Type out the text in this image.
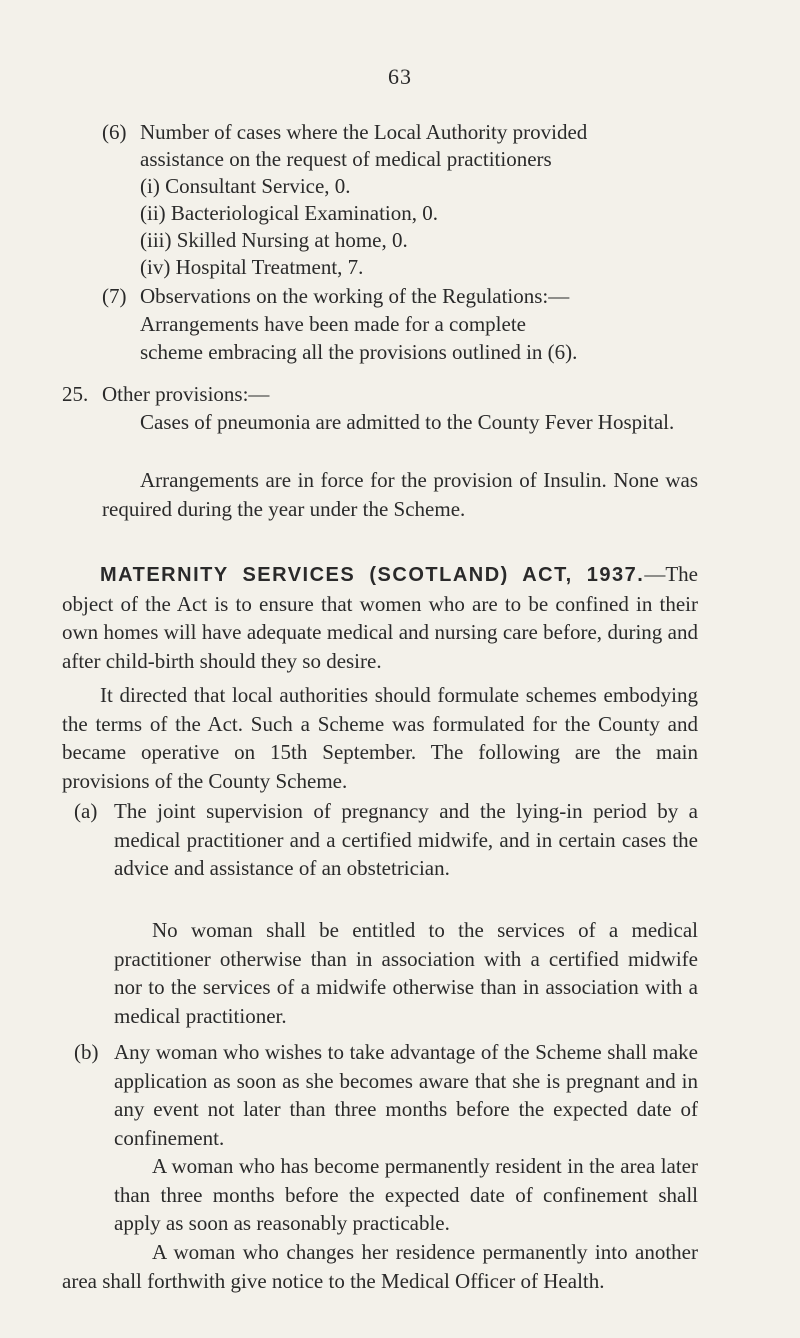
63
(6) Number of cases where the Local Authority provided
assistance on the request of medical practitioners
(i) Consultant Service, 0.
(ii) Bacteriological Examination, 0.
(iii) Skilled Nursing at home, 0.
(iv) Hospital Treatment, 7.
(7) Observations on the working of the Regulations:—
Arrangements have been made for a complete
scheme embracing all the provisions outlined in (6).
25. Other provisions:—
Cases of pneumonia are admitted to the County Fever Hospital.
Arrangements are in force for the provision of Insulin. None was required during the year under the Scheme.
MATERNITY SERVICES (SCOTLAND) ACT, 1937.—The object of the Act is to ensure that women who are to be confined in their own homes will have adequate medical and nursing care before, during and after child-birth should they so desire.
It directed that local authorities should formulate schemes embodying the terms of the Act. Such a Scheme was formulated for the County and became operative on 15th September. The following are the main provisions of the County Scheme.
(a) The joint supervision of pregnancy and the lying-in period by a medical practitioner and a certified midwife, and in certain cases the advice and assistance of an obstetrician.
No woman shall be entitled to the services of a medical practitioner otherwise than in association with a certified midwife nor to the services of a midwife otherwise than in association with a medical practitioner.
(b) Any woman who wishes to take advantage of the Scheme shall make application as soon as she becomes aware that she is pregnant and in any event not later than three months before the expected date of confinement.
A woman who has become permanently resident in the area later than three months before the expected date of confinement shall apply as soon as reasonably practicable.
A woman who changes her residence permanently into another area shall forthwith give notice to the Medical Officer of Health.
